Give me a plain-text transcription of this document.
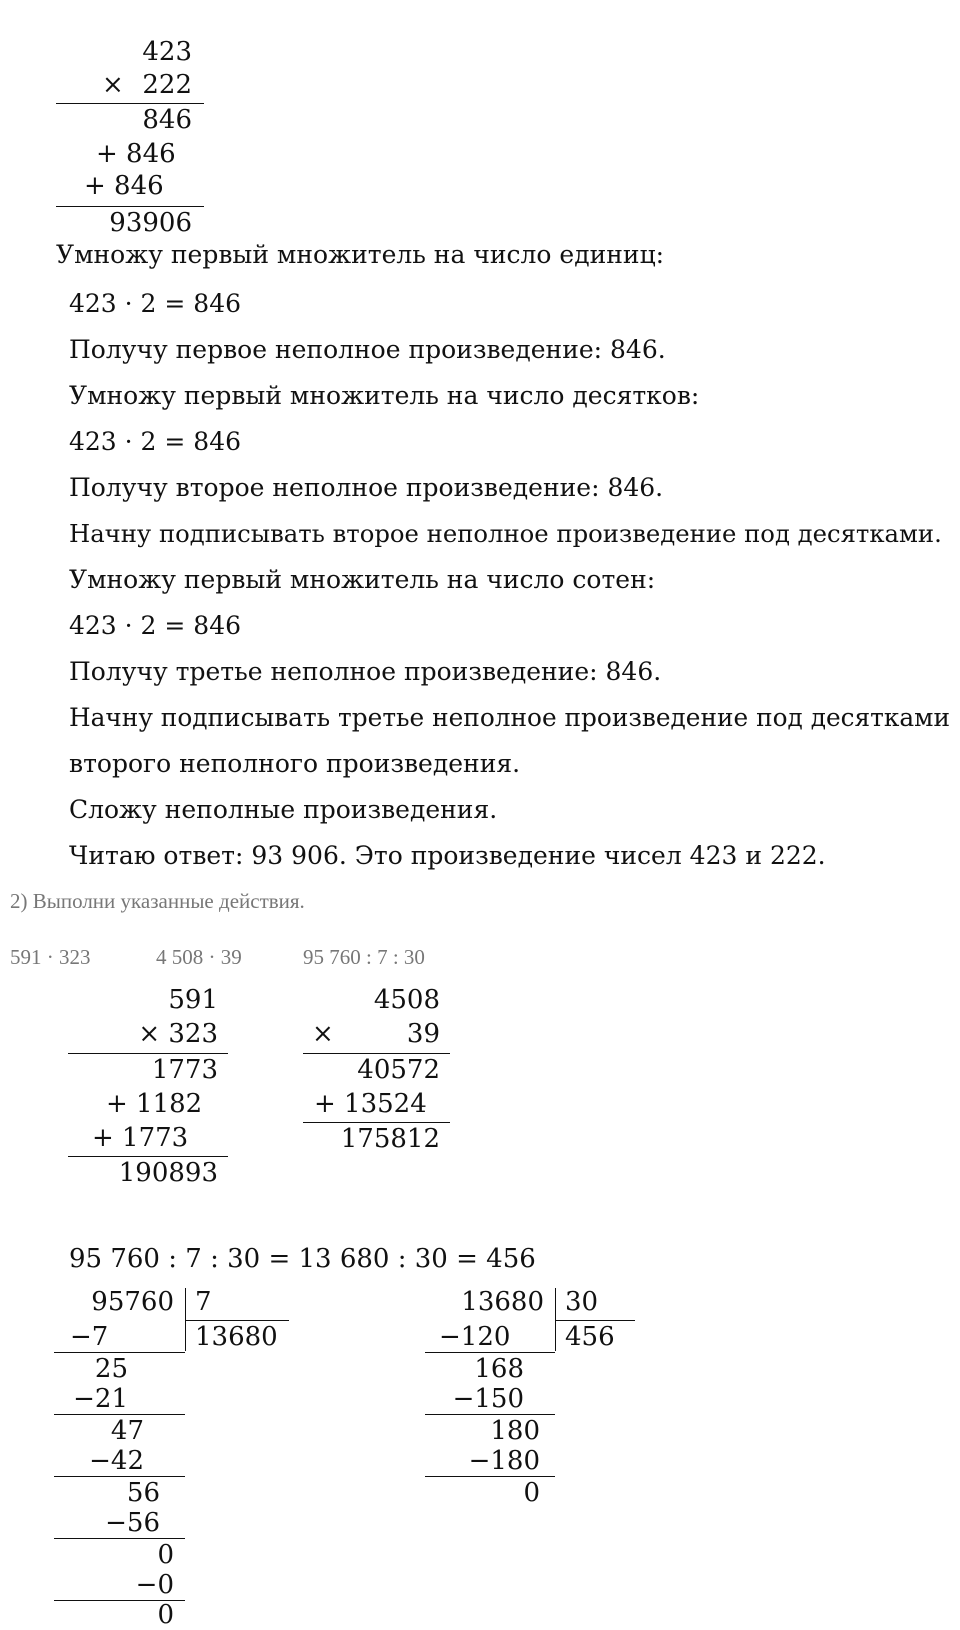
423
× 222
846
+ 846
+ 846
93906
Умножу первый множитель на число единиц:
423 · 2 = 846
Получу первое неполное произведение: 846.
Умножу первый множитель на число десятков:
423 · 2 = 846
Получу второе неполное произведение: 846.
Начну подписывать второе неполное произведение под десятками.
Умножу первый множитель на число сотен:
423 · 2 = 846
Получу третье неполное произведение: 846.
Начну подписывать третье неполное произведение под десятками
второго неполного произведения.
Сложу неполные произведения.
Читаю ответ: 93 906. Это произведение чисел 423 и 222.
2) Выполни указанные действия.
591 · 323	4 508 · 39	95 760 : 7 : 30
591
× 323
1773
+ 1182
+ 1773
190893
4508
×	39
40572
+ 13524
175812
95 760 : 7 : 30 = 13 680 : 30 = 456
95760 7
13680
−7
25
−21
47
−42
56
−56
0
−0
0
13680 30
456
−120
168
−150
180
−180
0
